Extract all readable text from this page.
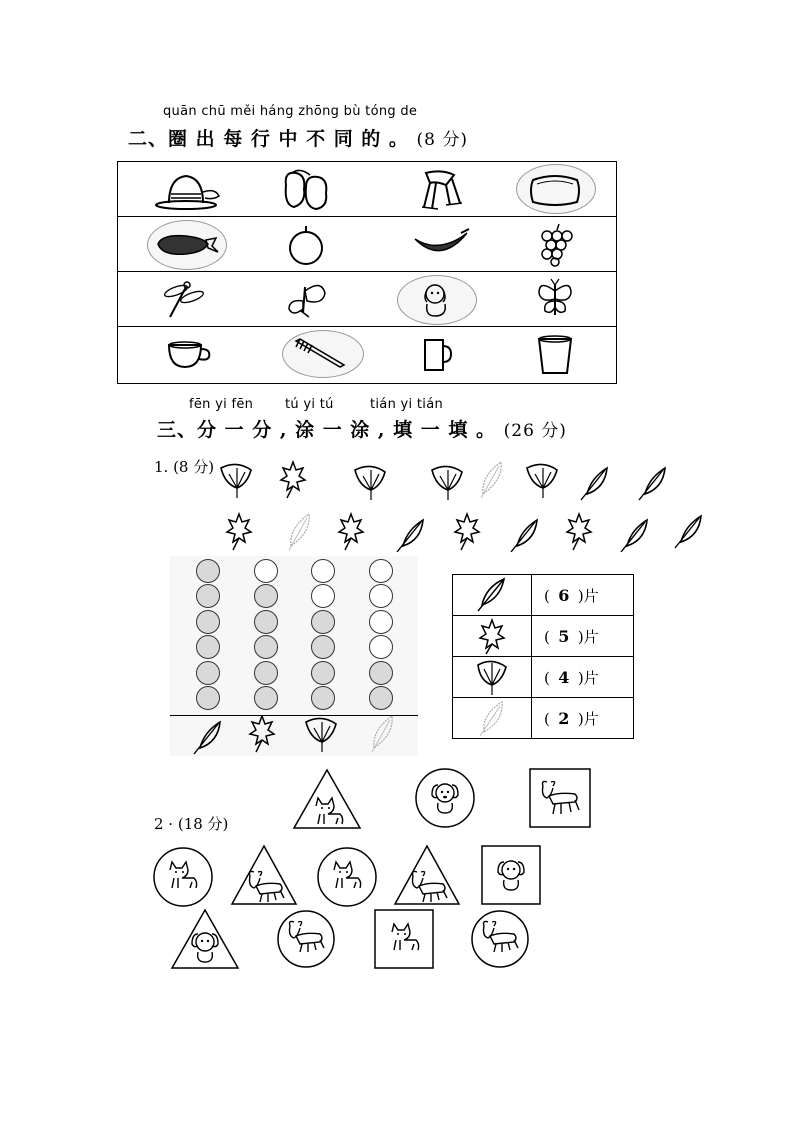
quān chū měi háng zhōng bù tóng de
二、圈 出 每 行 中 不 同 的 。 (8 分)
fēn yi fēn tú yi tú	tián yi tián
三、分 一 分 , 涂 一 涂 , 填 一 填 。 (26 分)
1. (8 分)
	( 6 )片

	( 5 )片

	( 4 )片

	( 2 )片
2 · (18 分)
